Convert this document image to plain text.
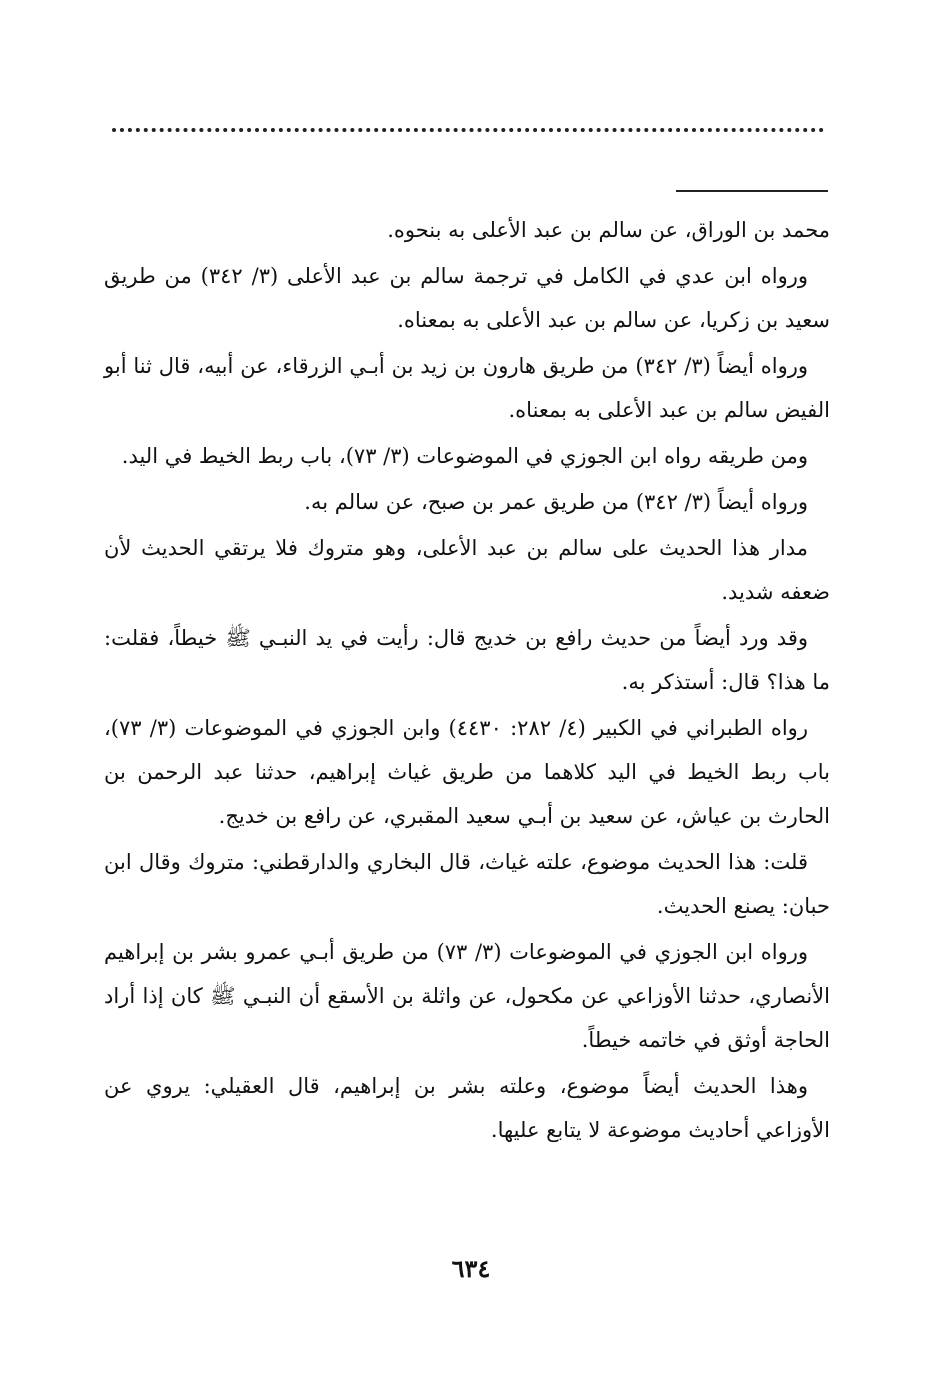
محمد بن الوراق، عن سالم بن عبد الأعلى به بنحوه.

ورواه ابن عدي في الكامل في ترجمة سالم بن عبد الأعلى (٣/ ٣٤٢) من طريق سعيد بن زكريا، عن سالم بن عبد الأعلى به بمعناه.

ورواه أيضاً (٣/ ٣٤٢) من طريق هارون بن زيد بن أبـي الزرقاء، عن أبيه، قال ثنا أبو الفيض سالم بن عبد الأعلى به بمعناه.

ومن طريقه رواه ابن الجوزي في الموضوعات (٣/ ٧٣)، باب ربط الخيط في اليد.

ورواه أيضاً (٣/ ٣٤٢) من طريق عمر بن صبح، عن سالم به.

مدار هذا الحديث على سالم بن عبد الأعلى، وهو متروك فلا يرتقي الحديث لأن ضعفه شديد.

وقد ورد أيضاً من حديث رافع بن خديج قال: رأيت في يد النبـي ﷺ خيطاً، فقلت: ما هذا؟ قال: أستذكر به.

رواه الطبراني في الكبير (٤/ ٢٨٢: ٤٤٣٠) وابن الجوزي في الموضوعات (٣/ ٧٣)، باب ربط الخيط في اليد كلاهما من طريق غياث إبراهيم، حدثنا عبد الرحمن بن الحارث بن عياش، عن سعيد بن أبـي سعيد المقبري، عن رافع بن خديج.

قلت: هذا الحديث موضوع، علته غياث، قال البخاري والدارقطني: متروك وقال ابن حبان: يصنع الحديث.

ورواه ابن الجوزي في الموضوعات (٣/ ٧٣) من طريق أبـي عمرو بشر بن إبراهيم الأنصاري، حدثنا الأوزاعي عن مكحول، عن واثلة بن الأسقع أن النبـي ﷺ كان إذا أراد الحاجة أوثق في خاتمه خيطاً.

وهذا الحديث أيضاً موضوع، وعلته بشر بن إبراهيم، قال العقيلي: يروي عن الأوزاعي أحاديث موضوعة لا يتابع عليها.

٦٣٤
